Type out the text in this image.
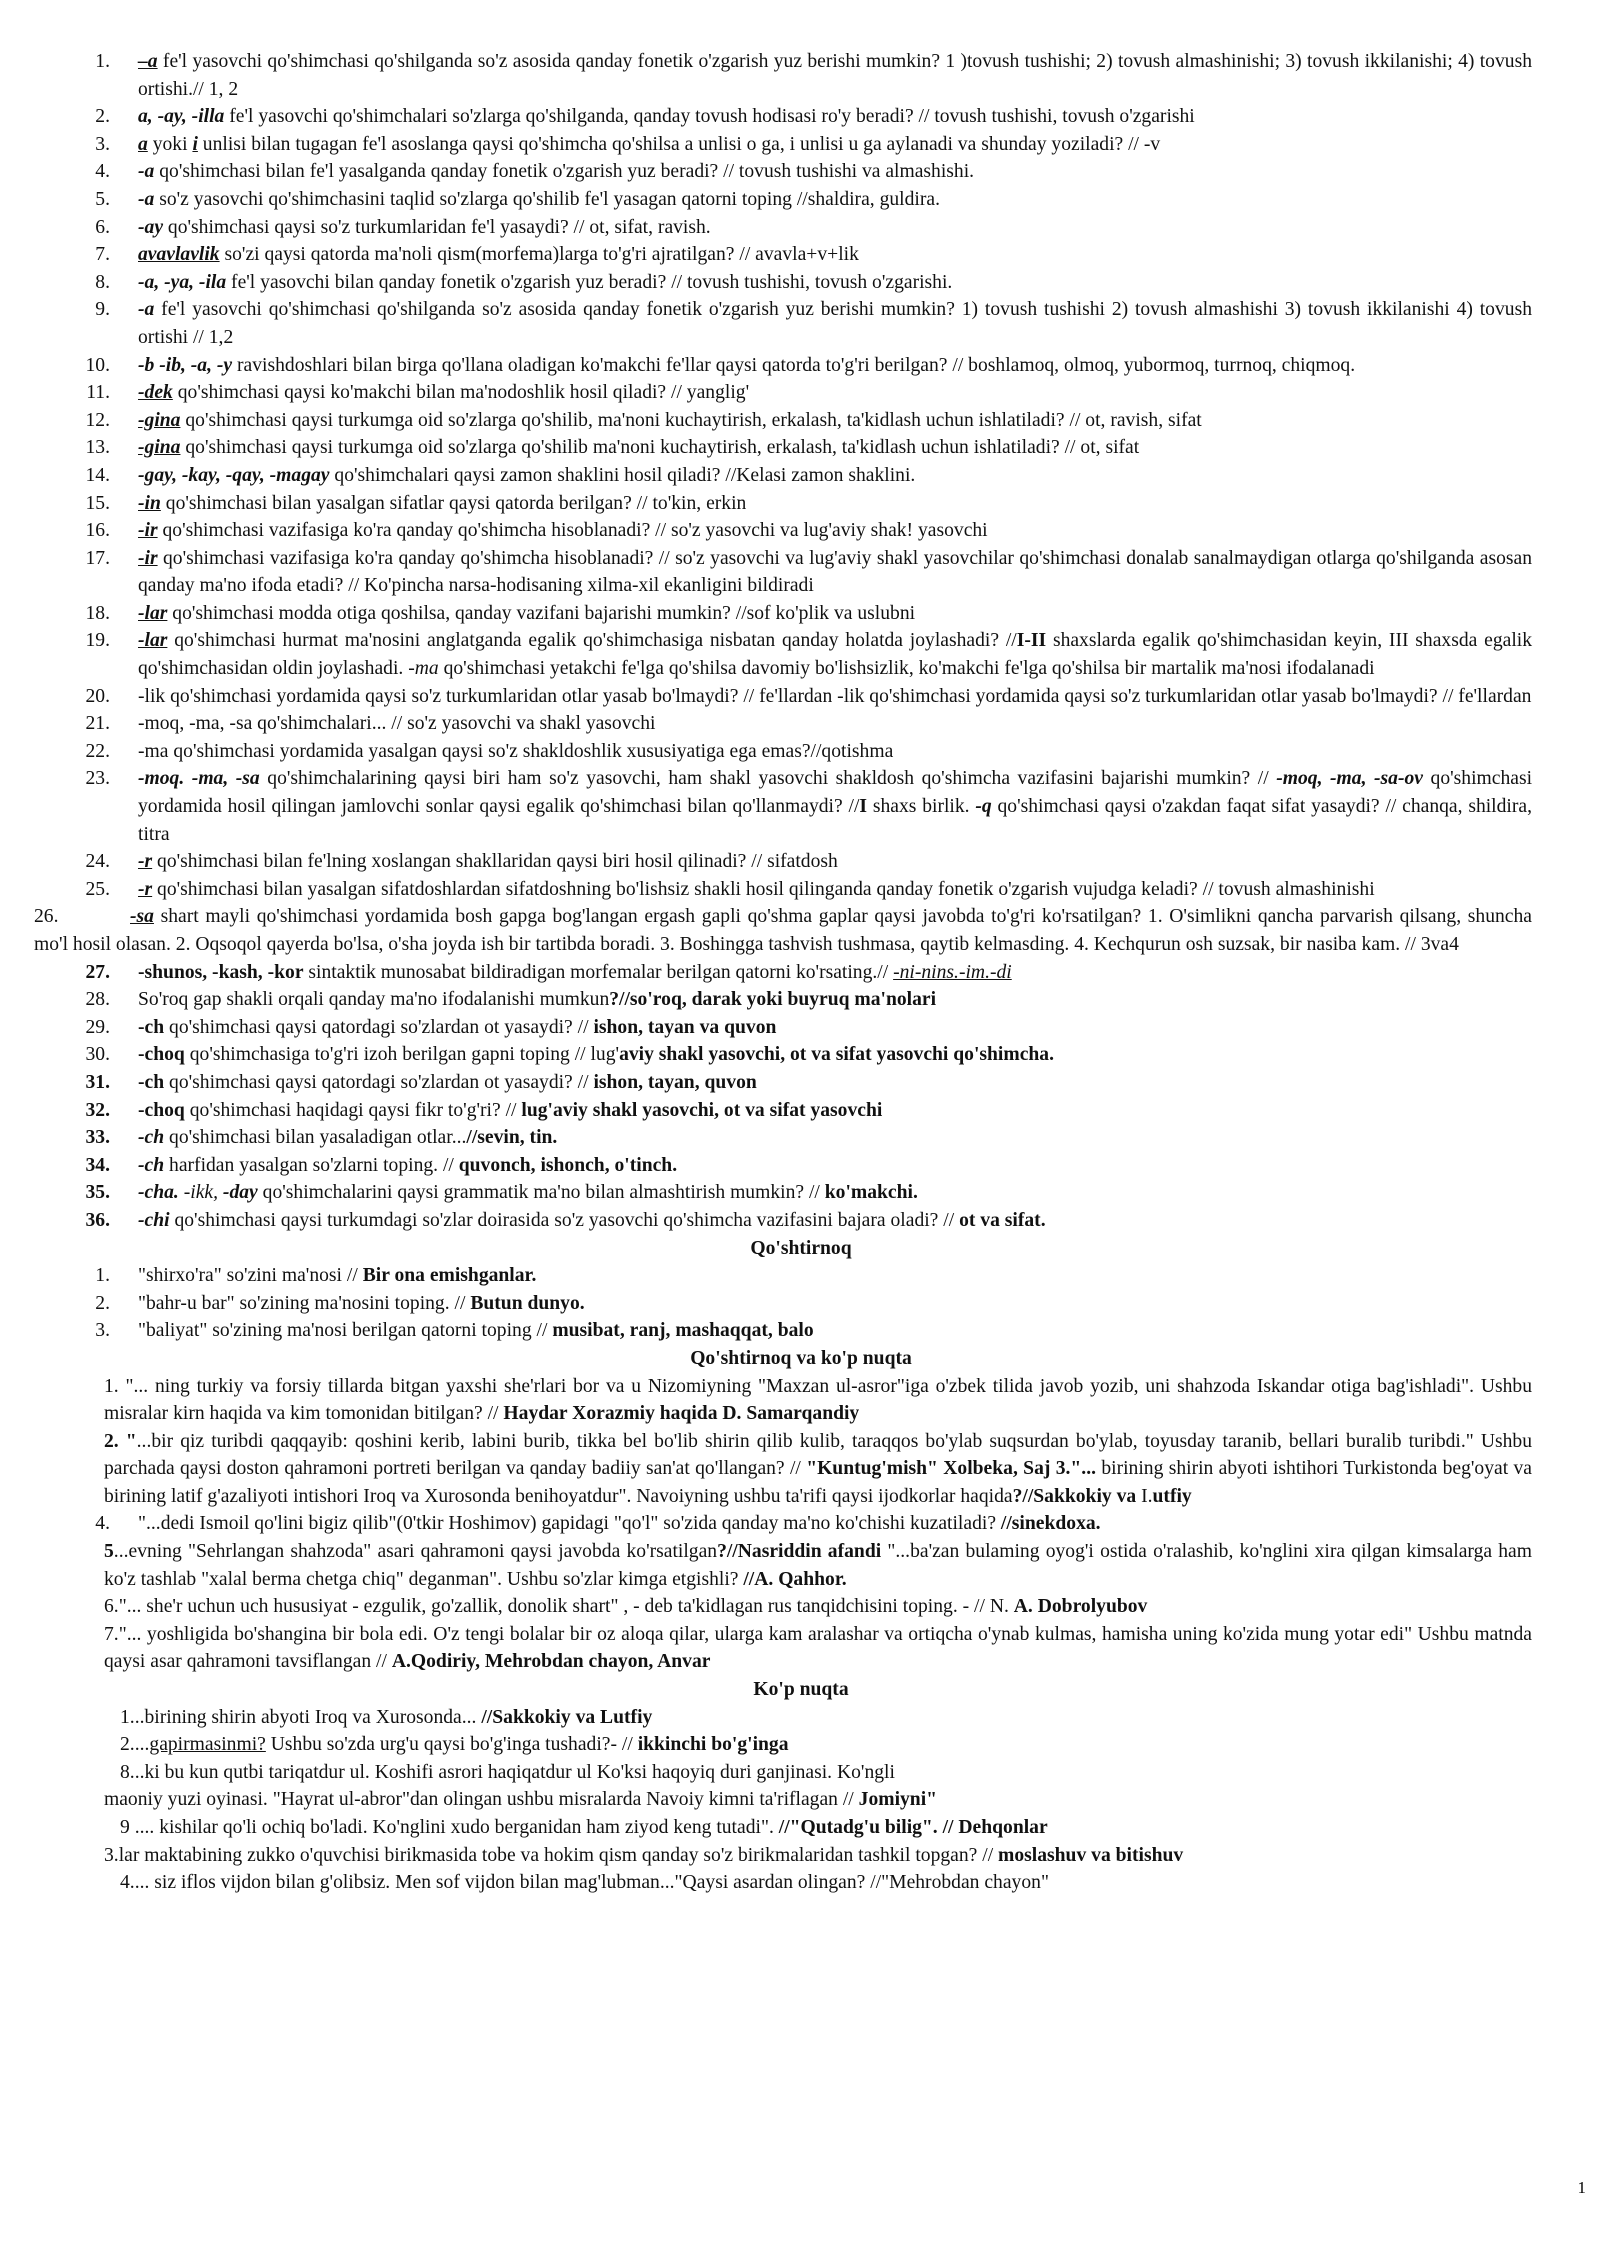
1.	–a fe'l yasovchi qo'shimchasi qo'shilganda so'z asosida qanday fonetik o'zgarish yuz berishi mumkin? 1 )tovush tushishi; 2) tovush almashinishi; 3) tovush ikkilanishi; 4) tovush ortishi.// 1, 2
2.	a, -ay, -illa fe'l yasovchi qo'shimchalari so'zlarga qo'shilganda, qanday tovush hodisasi ro'y beradi? // tovush tushishi, tovush o'zgarishi
3.	a yoki i unlisi bilan tugagan fe'l asoslanga qaysi qo'shimcha qo'shilsa a unlisi o ga, i unlisi u ga aylanadi va shunday yoziladi? // -v
4.	-a qo'shimchasi bilan fe'l yasalganda qanday fonetik o'zgarish yuz beradi? // tovush tushishi va almashishi.
5.	-a so'z yasovchi qo'shimchasini taqlid so'zlarga qo'shilib fe'l yasagan qatorni toping //shaldira, guldira.
6.	-ay qo'shimchasi qaysi so'z turkumlaridan fe'l yasaydi? // ot, sifat, ravish.
7.	avavlavlik so'zi qaysi qatorda ma'noli qism(morfema)larga to'g'ri ajratilgan? // avavla+v+lik
8.	-a, -ya, -ila fe'l yasovchi bilan qanday fonetik o'zgarish yuz beradi? // tovush tushishi, tovush o'zgarishi.
9.	-a fe'l yasovchi qo'shimchasi qo'shilganda so'z asosida qanday fonetik o'zgarish yuz berishi mumkin? 1) tovush tushishi 2) tovush almashishi 3) tovush ikkilanishi 4) tovush ortishi // 1,2
10.	-b -ib, -a, -y ravishdoshlari bilan birga qo'llana oladigan ko'makchi fe'llar qaysi qatorda to'g'ri berilgan? // boshlamoq, olmoq, yubormoq, turrnoq, chiqmoq.
11.	-dek qo'shimchasi qaysi ko'makchi bilan ma'nodoshlik hosil qiladi? // yanglig'
12.	-gina qo'shimchasi qaysi turkumga oid so'zlarga qo'shilib, ma'noni kuchaytirish, erkalash, ta'kidlash uchun ishlatiladi? // ot, ravish, sifat
13.	-gina qo'shimchasi qaysi turkumga oid so'zlarga qo'shilib ma'noni kuchaytirish, erkalash, ta'kidlash uchun ishlatiladi? // ot, sifat
14.	-gay, -kay, -qay, -magay qo'shimchalari qaysi zamon shaklini hosil qiladi? //Kelasi zamon shaklini.
15.	-in qo'shimchasi bilan yasalgan sifatlar qaysi qatorda berilgan? // to'kin, erkin
16.	-ir qo'shimchasi vazifasiga ko'ra qanday qo'shimcha hisoblanadi? // so'z yasovchi va lug'aviy shak! yasovchi
17.	-ir qo'shimchasi vazifasiga ko'ra qanday qo'shimcha hisoblanadi? // so'z yasovchi va lug'aviy shakl yasovchilar qo'shimchasi donalab sanalmaydigan otlarga qo'shilganda asosan qanday ma'no ifoda etadi? // Ko'pincha narsa-hodisaning xilma-xil ekanligini bildiradi
18.	-lar qo'shimchasi modda otiga qoshilsa, qanday vazifani bajarishi mumkin? //sof ko'plik va uslubni
19.	-lar qo'shimchasi hurmat ma'nosini anglatganda egalik qo'shimchasiga nisbatan qanday holatda joylashadi? //I-II shaxslarda egalik qo'shimchasidan keyin, III shaxsda egalik qo'shimchasidan oldin joylashadi. -ma qo'shimchasi yetakchi fe'lga qo'shilsa davomiy bo'lishsizlik, ko'makchi fe'lga qo'shilsa bir martalik ma'nosi ifodalanadi
20.	-lik qo'shimchasi yordamida qaysi so'z turkumlaridan otlar yasab bo'lmaydi? // fe'llardan -lik qo'shimchasi yordamida qaysi so'z turkumlaridan otlar yasab bo'lmaydi? // fe'llardan
21.	-moq, -ma, -sa qo'shimchalari... // so'z yasovchi va shakl yasovchi
22.	-ma qo'shimchasi yordamida yasalgan qaysi so'z shakldoshlik xususiyatiga ega emas?//qotishma
23.	-moq. -ma, -sa qo'shimchalarining qaysi biri ham so'z yasovchi, ham shakl yasovchi shakldosh qo'shimcha vazifasini bajarishi mumkin? // -moq, -ma, -sa-ov qo'shimchasi yordamida hosil qilingan jamlovchi sonlar qaysi egalik qo'shimchasi bilan qo'llanmaydi? //I shaxs birlik. -q qo'shimchasi qaysi o'zakdan faqat sifat yasaydi? // chanqa, shildira, titra
24.	-r qo'shimchasi bilan fe'lning xoslangan shakllaridan qaysi biri hosil qilinadi? // sifatdosh
25.	-r qo'shimchasi bilan yasalgan sifatdoshlardan sifatdoshning bo'lishsiz shakli hosil qilinganda qanday fonetik o'zgarish vujudga keladi? // tovush almashinishi
26.	-sa shart mayli qo'shimchasi yordamida bosh gapga bog'langan ergash gapli qo'shma gaplar qaysi javobda to'g'ri ko'rsatilgan? 1. O'simlikni qancha parvarish qilsang, shuncha mo'l hosil olasan. 2. Oqsoqol qayerda bo'lsa, o'sha joyda ish bir tartibda boradi. 3. Boshingga tashvish tushmasa, qaytib kelmasding. 4. Kechqurun osh suzsak, bir nasiba kam. // 3va4
27.	-shunos, -kash, -kor sintaktik munosabat bildiradigan morfemalar berilgan qatorni ko'rsating.// -ni-nins.-im.-di
28.	So'roq gap shakli orqali qanday ma'no ifodalanishi mumkun?//so'roq, darak yoki buyruq ma'nolari
29.	-ch qo'shimchasi qaysi qatordagi so'zlardan ot yasaydi? // ishon, tayan va quvon
30.	-choq qo'shimchasiga to'g'ri izoh berilgan gapni toping // lug'aviy shakl yasovchi, ot va sifat yasovchi qo'shimcha.
31.	-ch qo'shimchasi qaysi qatordagi so'zlardan ot yasaydi? // ishon, tayan, quvon
32.	-choq qo'shimchasi haqidagi qaysi fikr to'g'ri? // lug'aviy shakl yasovchi, ot va sifat yasovchi
33.	-ch qo'shimchasi bilan yasaladigan otlar...//sevin, tin.
34.	-ch harfidan yasalgan so'zlarni toping. // quvonch, ishonch, o'tinch.
35.	-cha. -ikk, -day qo'shimchalarini qaysi grammatik ma'no bilan almashtirish mumkin? // ko'makchi.
36.	-chi qo'shimchasi qaysi turkumdagi so'zlar doirasida so'z yasovchi qo'shimcha vazifasini bajara oladi? // ot va sifat.
Qo'shtirnoq
1.	"shirxo'ra" so'zini ma'nosi // Bir ona emishganlar.
2.	"bahr-u bar" so'zining ma'nosini toping. // Butun dunyo.
3.	"baliyat" so'zining ma'nosi berilgan qatorni toping // musibat, ranj, mashaqqat, balo
Qo'shtirnoq va ko'p nuqta
1. "... ning turkiy va forsiy tillarda bitgan yaxshi she'rlari bor va u Nizomiyning "Maxzan ul-asror"iga o'zbek tilida javob yozib, uni shahzoda Iskandar otiga bag'ishladi". Ushbu misralar kirn haqida va kim tomonidan bitilgan? // Haydar Xorazmiy haqida D. Samarqandiy
2. "...bir qiz turibdi qaqqayib: qoshini kerib, labini burib, tikka bel bo'lib shirin qilib kulib, taraqqos bo'ylab suqsurdan bo'ylab, toyusday taranib, bellari buralib turibdi." Ushbu parchada qaysi doston qahramoni portreti berilgan va qanday badiiy san'at qo'llangan? // "Kuntug'mish" Xolbeka, Saj 3."... birining shirin abyoti ishtihori Turkistonda beg'oyat va birining latif g'azaliyoti intishori Iroq va Xurosonda benihoyatdur". Navoiyning ushbu ta'rifi qaysi ijodkorlar haqida?//Sakkokiy va I.utfiy
4.	"...dedi Ismoil qo'lini bigiz qilib"(0'tkir Hoshimov) gapidagi "qo'l" so'zida qanday ma'no ko'chishi kuzatiladi? //sinekdoxa.
5...evning "Sehrlangan shahzoda" asari qahramoni qaysi javobda ko'rsatilgan?//Nasriddin afandi "...ba'zan bulaming oyog'i ostida o'ralashib, ko'nglini xira qilgan kimsalarga ham ko'z tashlab "xalal berma chetga chiq" deganman". Ushbu so'zlar kimga etgishli? //A. Qahhor.
6."... she'r uchun uch hususiyat - ezgulik, go'zallik, donolik shart" , - deb ta'kidlagan rus tanqidchisini toping. - // N. A. Dobrolyubov
7."... yoshligida bo'shangina bir bola edi. O'z tengi bolalar bir oz aloqa qilar, ularga kam aralashar va ortiqcha o'ynab kulmas, hamisha uning ko'zida mung yotar edi" Ushbu matnda qaysi asar qahramoni tavsiflangan // A.Qodiriy, Mehrobdan chayon, Anvar
Ko'p nuqta
1...birining shirin abyoti Iroq va Xurosonda... //Sakkokiy va Lutfiy
2....gapirmasinmi? Ushbu so'zda urg'u qaysi bo'g'inga tushadi?- // ikkinchi bo'g'inga
8...ki bu kun qutbi tariqatdur ul. Koshifi asrori haqiqatdur ul Ko'ksi haqoyiq duri ganjinasi. Ko'ngli
maoniy yuzi oyinasi. "Hayrat ul-abror"dan olingan ushbu misralarda Navoiy kimni ta'riflagan // Jomiyni"
9 .... kishilar qo'li ochiq bo'ladi. Ko'nglini xudo berganidan ham ziyod keng tutadi". //"Qutadg'u bilig". // Dehqonlar
3.lar maktabining zukko o'quvchisi birikmasida tobe va hokim qism qanday so'z birikmalaridan tashkil topgan? // moslashuv va bitishuv
4.... siz iflos vijdon bilan g'olibsiz. Men sof vijdon bilan mag'lubman..."Qaysi asardan olingan? //"Mehrobdan chayon"
1
